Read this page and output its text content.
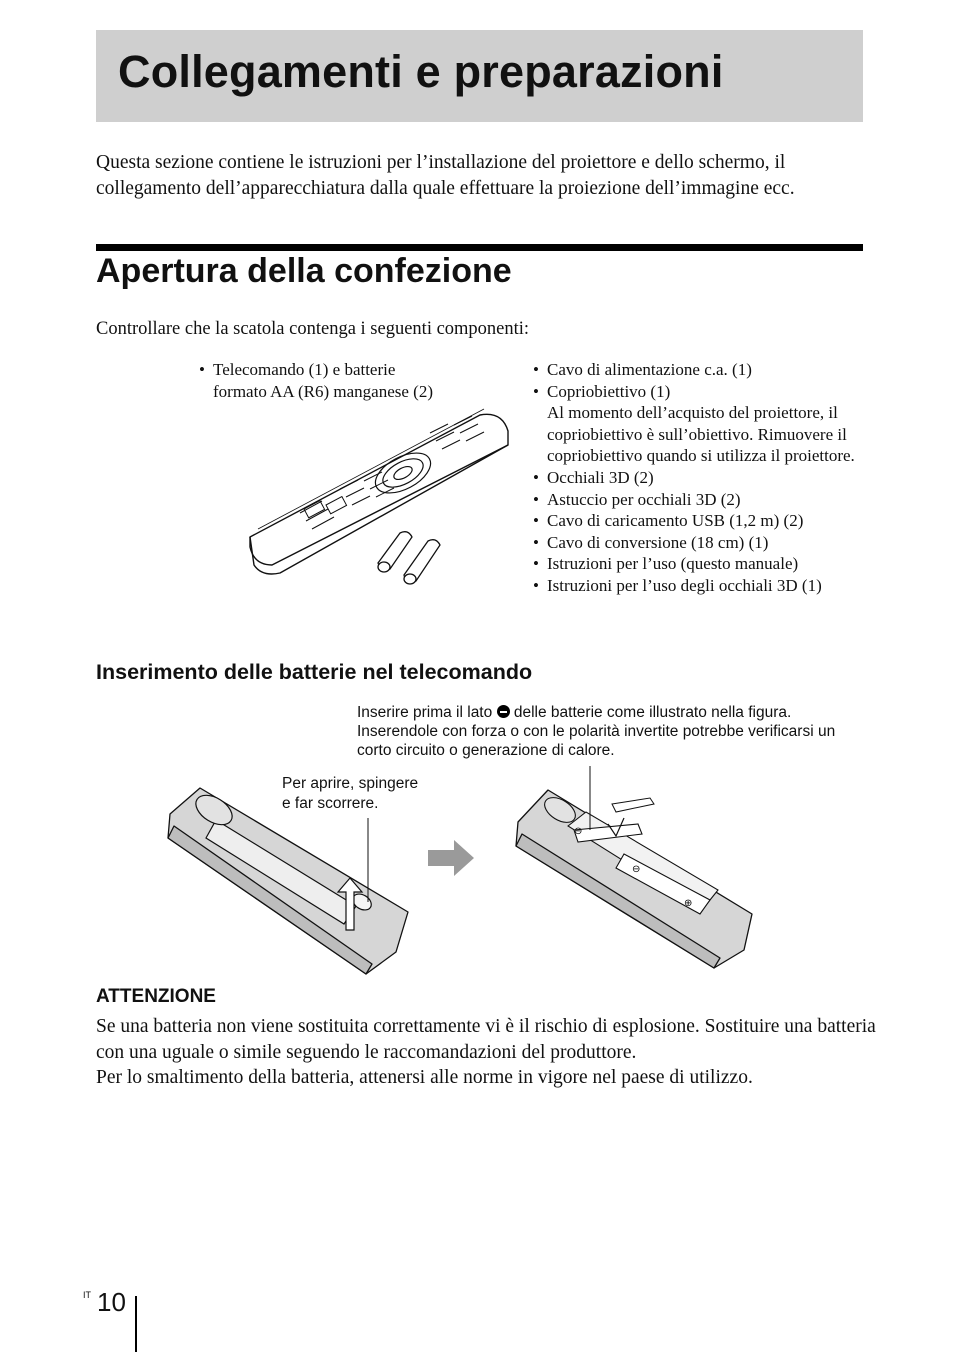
Collegamenti e preparazioni

Questa sezione contiene le istruzioni per l’installazione del proiettore e dello schermo, il collegamento dell’apparecchiatura dalla quale effettuare la proiezione dell’immagine ecc.

Apertura della confezione

Controllare che la scatola contenga i seguenti componenti:

• Telecomando (1) e batterie
formato AA (R6) manganese (2)
• Cavo di alimentazione c.a. (1)
• Copriobiettivo (1)
Al momento dell’acquisto del proiettore, il copriobiettivo è sull’obiettivo. Rimuovere il copriobiettivo quando si utilizza il proiettore.
• Occhiali 3D (2)
• Astuccio per occhiali 3D (2)
• Cavo di caricamento USB (1,2 m) (2)
• Cavo di conversione (18 cm) (1)
• Istruzioni per l’uso (questo manuale)
• Istruzioni per l’uso degli occhiali 3D (1)
Inserimento delle batterie nel telecomando
Inserire prima il lato delle batterie come illustrato nella figura. Inserendole con forza o con le polarità invertite potrebbe verificarsi un corto circuito o generazione di calore.
Per aprire, spingere
e far scorrere.
⊖
⊖
⊕
ATTENZIONE
Se una batteria non viene sostituita correttamente vi è il rischio di esplosione. Sostituire una batteria con una uguale o simile seguendo le raccomandazioni del produttore.
Per lo smaltimento della batteria, attenersi alle norme in vigore nel paese di utilizzo.
IT 10
